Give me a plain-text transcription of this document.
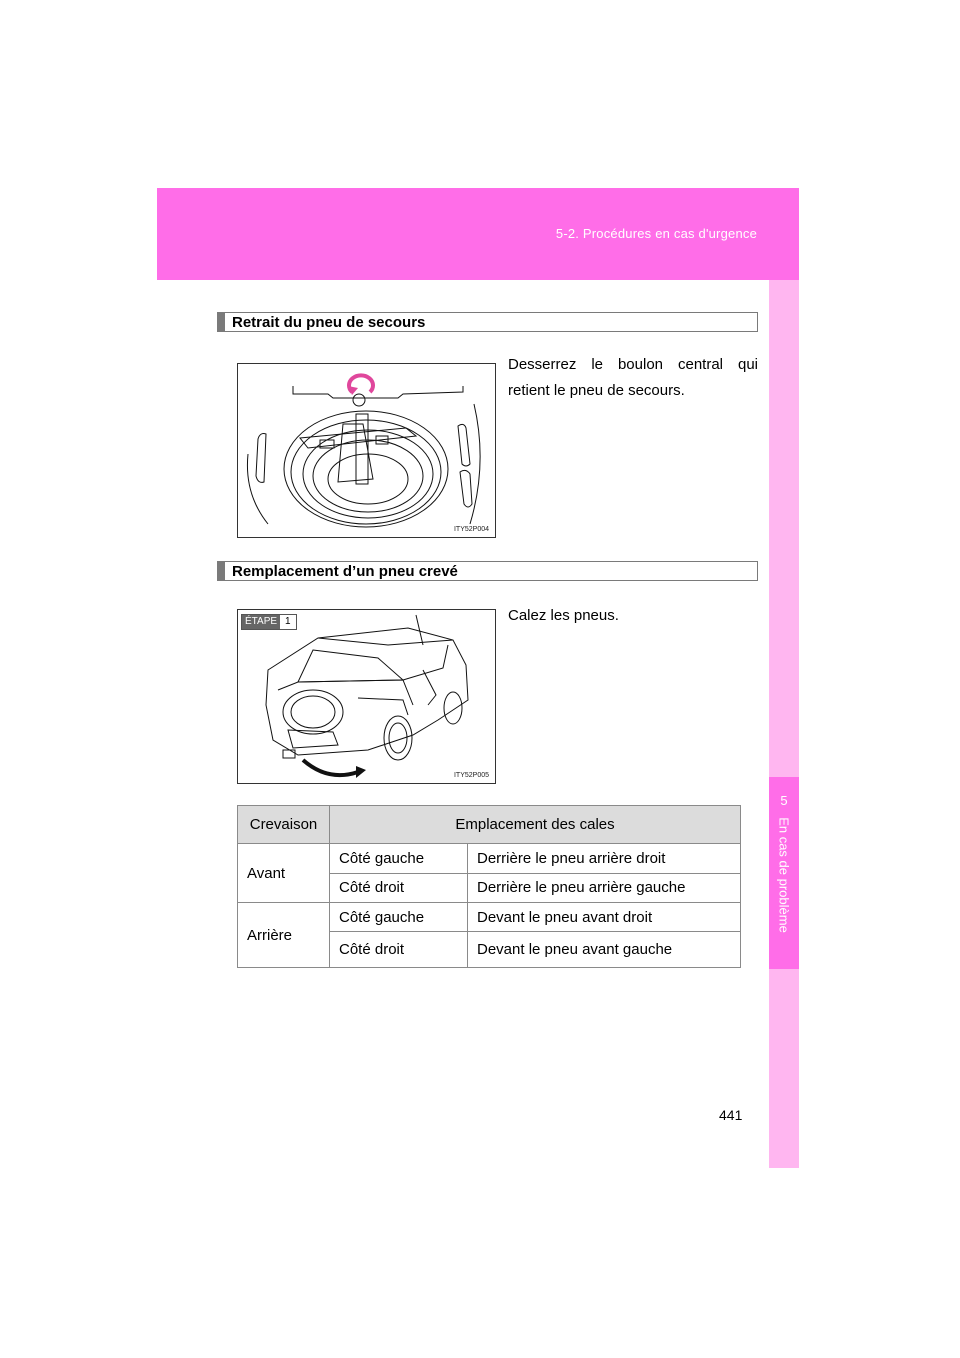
5-2. Procédures en cas d'urgence
5
En cas de problème
Retrait du pneu de secours
ITY52P004
Desserrez le boulon central qui retient le pneu de secours.
Remplacement d’un pneu crevé
ÉTAPE 1
ITY52P005
Calez les pneus.
Crevaison	Emplacement des cales	
Avant	Côté gauche	Derrière le pneu arrière droit
	Côté droit	Derrière le pneu arrière gauche
Arrière	Côté gauche	Devant le pneu avant droit
	Côté droit	Devant le pneu avant gauche
441
